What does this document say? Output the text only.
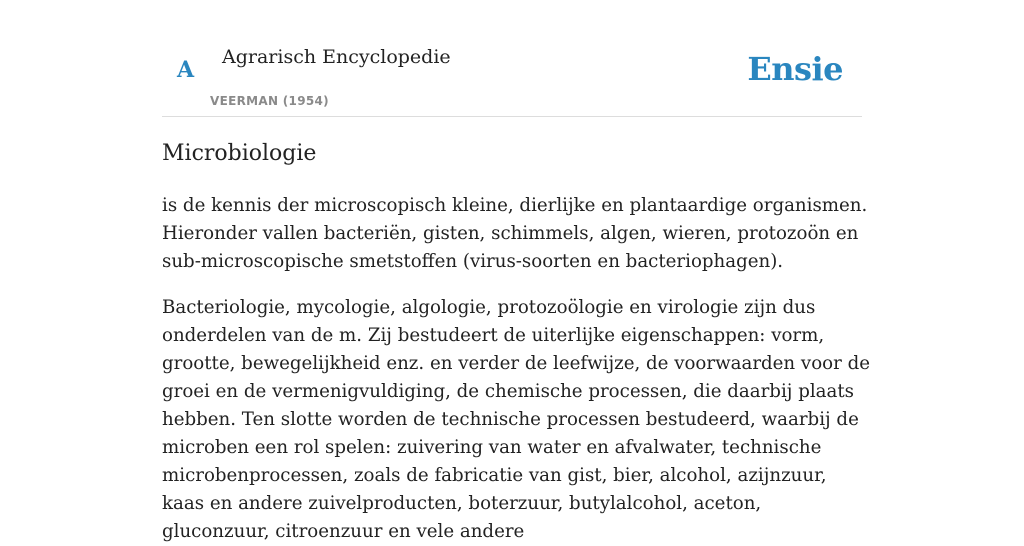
A Agrarisch Encyclopedie
VEERMAN (1954)
Ensie
Microbiologie

is de kennis der microscopisch kleine, dierlijke en plantaardige organismen. Hieronder vallen bacteriën, gisten, schimmels, algen, wieren, protozoön en sub-microscopische smetstoffen (virus-soorten en bacteriophagen).

Bacteriologie, mycologie, algologie, protozoölogie en virologie zijn dus onderdelen van de m. Zij bestudeert de uiterlijke eigenschappen: vorm, grootte, bewegelijkheid enz. en verder de leefwijze, de voorwaarden voor de groei en de vermenigvuldiging, de chemische processen, die daarbij plaats hebben. Ten slotte worden de technische processen bestudeerd, waarbij de microben een rol spelen: zuivering van water en afvalwater, technische microbenprocessen, zoals de fabricatie van gist, bier, alcohol, azijnzuur, kaas en andere zuivelproducten, boterzuur, butylalcohol, aceton, gluconzuur, citroenzuur en vele andere
